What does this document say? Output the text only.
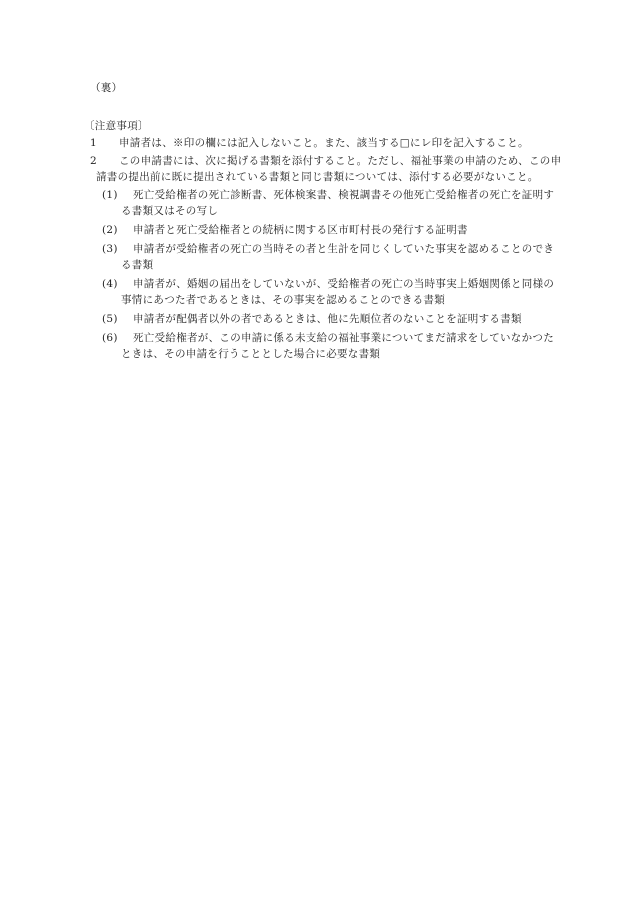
（裏）
〔注意事項〕
1	申請者は、※印の欄には記入しないこと。また、該当する□にレ印を記入すること。
2	この申請書には、次に掲げる書類を添付すること。ただし、福祉事業の申請のため、この申請書の提出前に既に提出されている書類と同じ書類については、添付する必要がないこと。
(1)	死亡受給権者の死亡診断書、死体検案書、検視調書その他死亡受給権者の死亡を証明する書類又はその写し
(2)	申請者と死亡受給権者との続柄に関する区市町村長の発行する証明書
(3)	申請者が受給権者の死亡の当時その者と生計を同じくしていた事実を認めることのできる書類
(4)	申請者が、婚姻の届出をしていないが、受給権者の死亡の当時事実上婚姻関係と同様の事情にあつた者であるときは、その事実を認めることのできる書類
(5)	申請者が配偶者以外の者であるときは、他に先順位者のないことを証明する書類
(6)	死亡受給権者が、この申請に係る未支給の福祉事業についてまだ請求をしていなかつたときは、その申請を行うこととした場合に必要な書類
